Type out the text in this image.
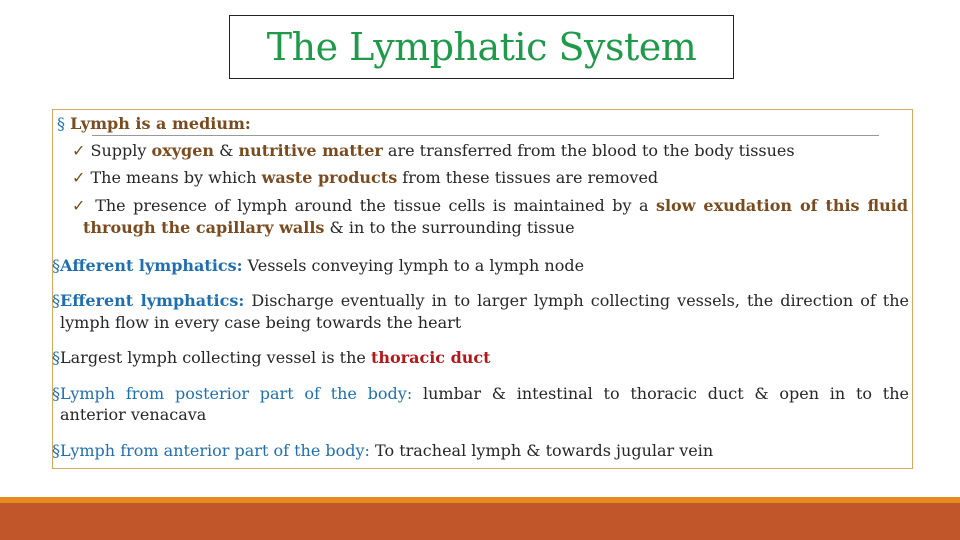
The Lymphatic System
§ Lymph is a medium:
✓ Supply oxygen & nutritive matter are transferred from the blood to the body tissues
✓ The means by which waste products from these tissues are removed
✓ The presence of lymph around the tissue cells is maintained by a slow exudation of this fluid
through the capillary walls & in to the surrounding tissue
§Afferent lymphatics: Vessels conveying lymph to a lymph node
§Efferent lymphatics: Discharge eventually in to larger lymph collecting vessels, the direction of the
lymph flow in every case being towards the heart
§Largest lymph collecting vessel is the thoracic duct
§Lymph from posterior part of the body: lumbar & intestinal to thoracic duct & open in to the
anterior venacava
§Lymph from anterior part of the body: To tracheal lymph & towards jugular vein
